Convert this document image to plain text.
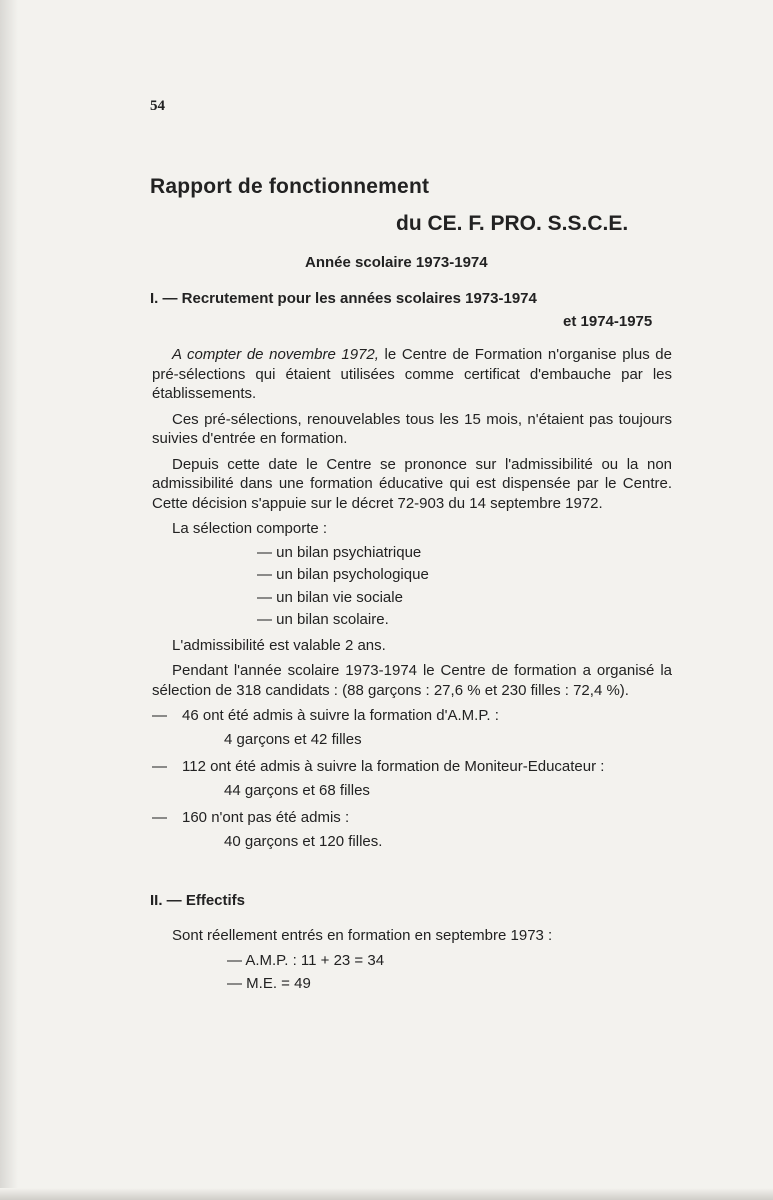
54
Rapport de fonctionnement
du CE. F. PRO. S.S.C.E.
Année scolaire 1973-1974
I. — Recrutement pour les années scolaires 1973-1974
et 1974-1975

A compter de novembre 1972, le Centre de Formation n'organise plus de pré-sélections qui étaient utilisées comme certificat d'embauche par les établissements.

Ces pré-sélections, renouvelables tous les 15 mois, n'étaient pas toujours suivies d'entrée en formation.

Depuis cette date le Centre se prononce sur l'admissibilité ou la non admissibilité dans une formation éducative qui est dispensée par le Centre. Cette décision s'appuie sur le décret 72-903 du 14 septembre 1972.

La sélection comporte :

— un bilan psychiatrique
— un bilan psychologique
— un bilan vie sociale
— un bilan scolaire.

L'admissibilité est valable 2 ans.

Pendant l'année scolaire 1973-1974 le Centre de formation a organisé la sélection de 318 candidats : (88 garçons : 27,6 % et 230 filles : 72,4 %).

—	46 ont été admis à suivre la formation d'A.M.P. :
4 garçons et 42 filles
—	112 ont été admis à suivre la formation de Moniteur-Educateur :
44 garçons et 68 filles
—	160 n'ont pas été admis :
40 garçons et 120 filles.
II. — Effectifs

Sont réellement entrés en formation en septembre 1973 :

— A.M.P. : 11 + 23 = 34
— M.E. = 49
